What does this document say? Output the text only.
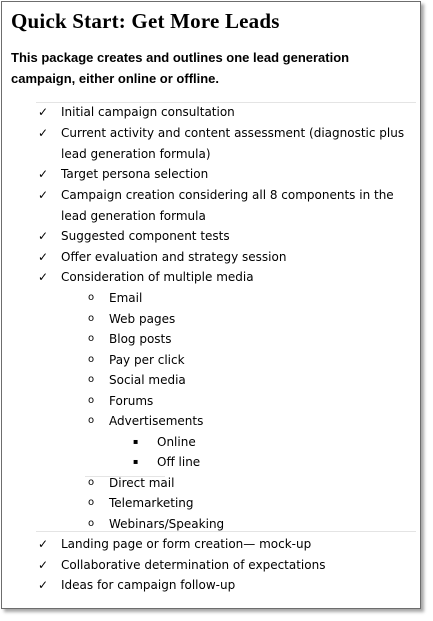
Quick Start: Get More Leads
This package creates and outlines one lead generation campaign, either online or offline.
✓ Initial campaign consultation
✓ Current activity and content assessment (diagnostic plus lead generation formula)
✓ Target persona selection
✓ Campaign creation considering all 8 components in the lead generation formula
✓ Suggested component tests
✓ Offer evaluation and strategy session
✓ Consideration of multiple media
o Email
o Web pages
o Blog posts
o Pay per click
o Social media
o Forums
o Advertisements
▪ Online
▪ Off line
o Direct mail
o Telemarketing
o Webinars/Speaking
✓ Landing page or form creation— mock-up
✓ Collaborative determination of expectations
✓ Ideas for campaign follow-up
